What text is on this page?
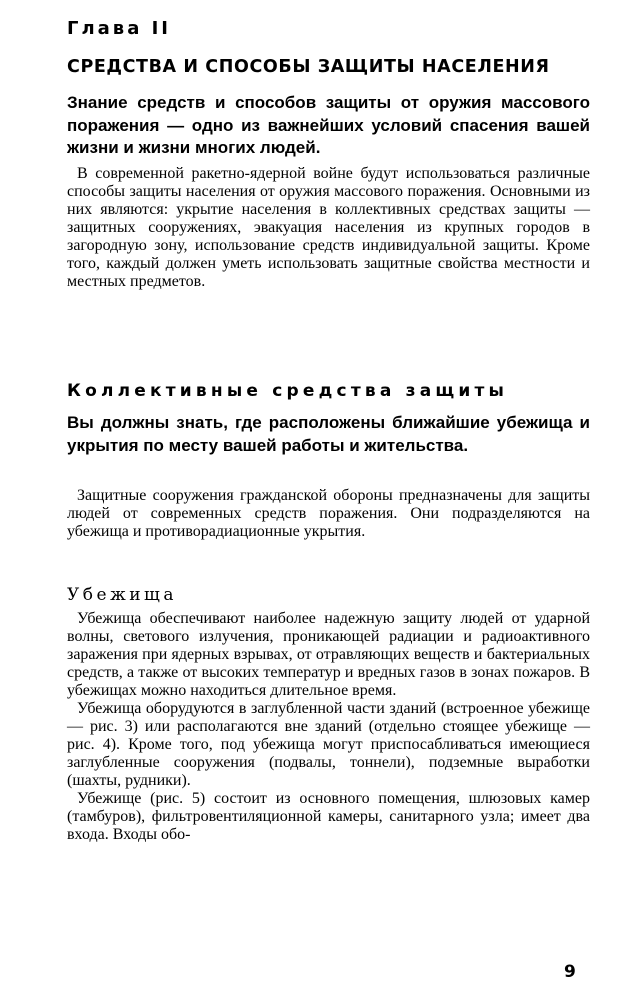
Глава II

СРЕДСТВА И СПОСОБЫ ЗАЩИТЫ НАСЕЛЕНИЯ

Знание средств и способов защиты от оружия массового поражения — одно из важнейших условий спасения вашей жизни и жизни многих людей.

В современной ракетно-ядерной войне будут использоваться различные способы защиты населения от оружия массового поражения. Основными из них являются: укрытие населения в коллективных средствах защиты — защитных сооружениях, эвакуация населения из крупных городов в загородную зону, использование средств индивидуальной защиты. Кроме того, каждый должен уметь использовать защитные свойства местности и местных предметов.

Коллективные средства защиты

Вы должны знать, где расположены ближайшие убежища и укрытия по месту вашей работы и жительства.

Защитные сооружения гражданской обороны предназначены для защиты людей от современных средств поражения. Они подразделяются на убежища и противорадиационные укрытия.

Убежища

Убежища обеспечивают наиболее надежную защиту людей от ударной волны, светового излучения, проникающей радиации и радиоактивного заражения при ядерных взрывах, от отравляющих веществ и бактериальных средств, а также от высоких температур и вредных газов в зонах пожаров. В убежищах можно находиться длительное время.

Убежища оборудуются в заглубленной части зданий (встроенное убежище — рис. 3) или располагаются вне зданий (отдельно стоящее убежище — рис. 4). Кроме того, под убежища могут приспосабливаться имеющиеся заглубленные сооружения (подвалы, тоннели), подземные выработки (шахты, рудники).

Убежище (рис. 5) состоит из основного помещения, шлюзовых камер (тамбуров), фильтровентиляционной камеры, санитарного узла; имеет два входа. Входы обо-

9
